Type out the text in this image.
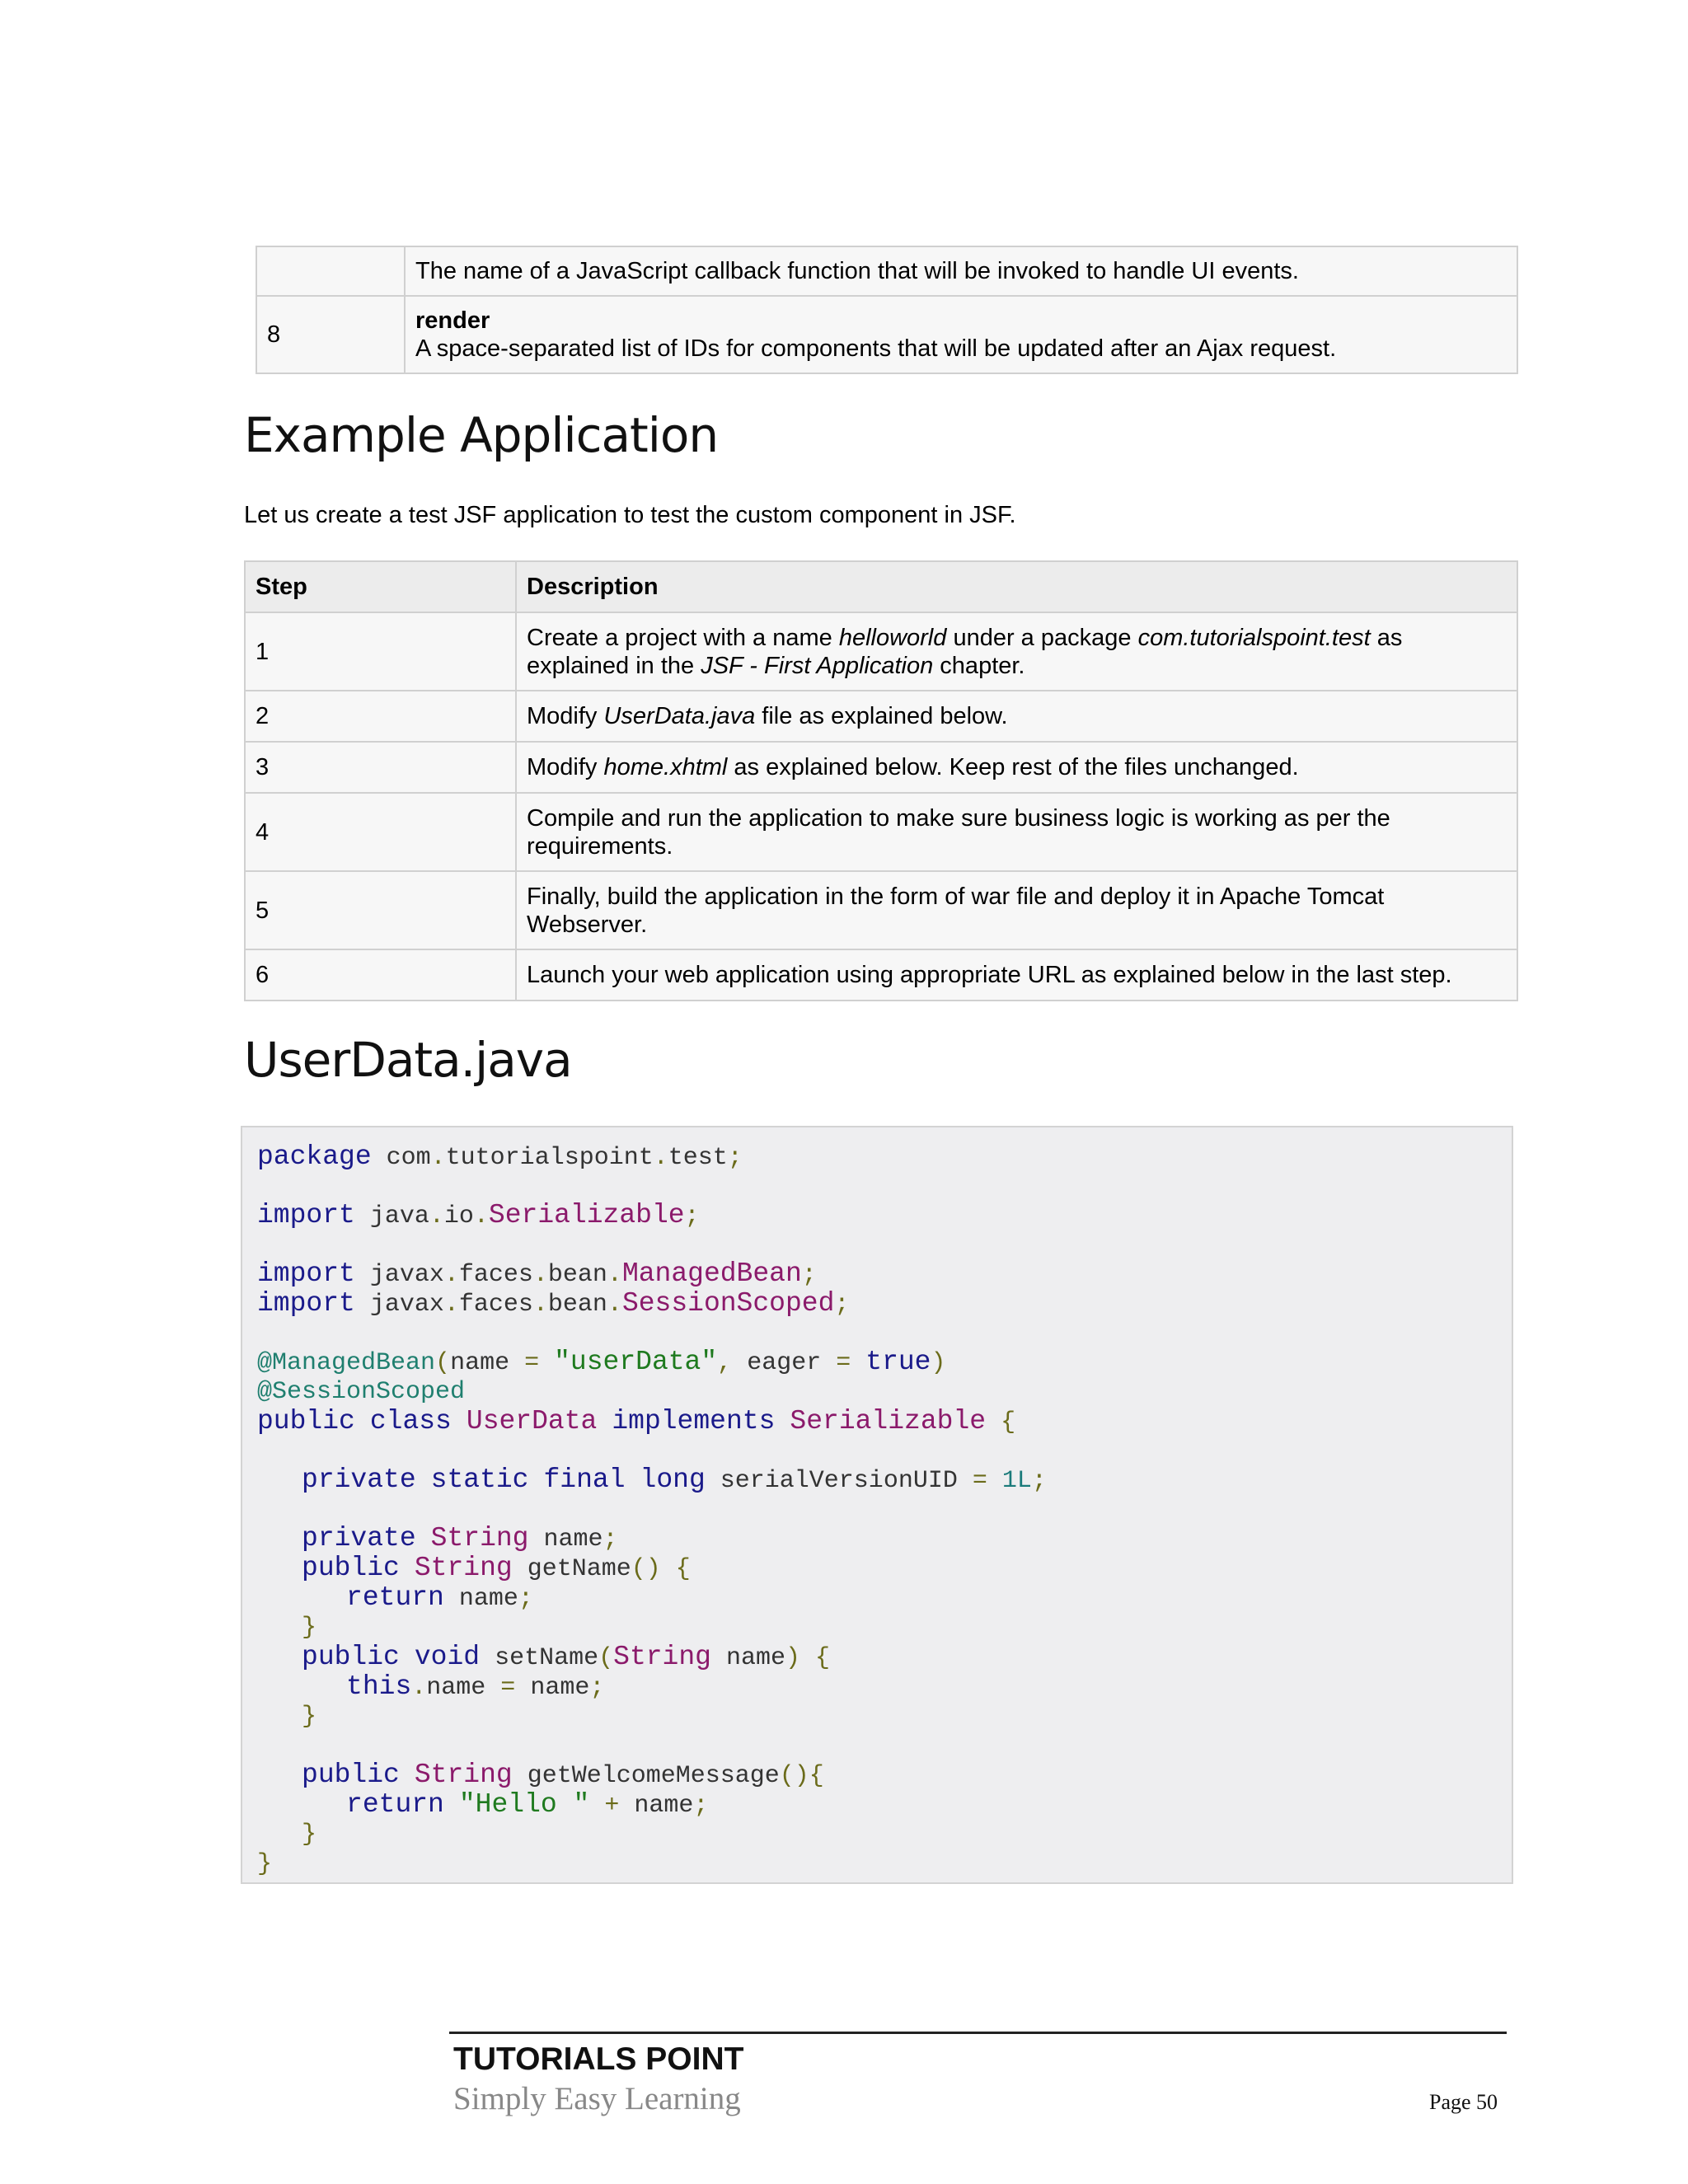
	The name of a JavaScript callback function that will be invoked to handle UI events.
8	render
A space-separated list of IDs for components that will be updated after an Ajax request.
Example Application

Let us create a test JSF application to test the custom component in JSF.

Step	Description
1	Create a project with a name helloworld under a package com.tutorialspoint.test as explained in the JSF - First Application chapter.
2	Modify UserData.java file as explained below.
3	Modify home.xhtml as explained below. Keep rest of the files unchanged.
4	Compile and run the application to make sure business logic is working as per the requirements.
5	Finally, build the application in the form of war file and deploy it in Apache Tomcat Webserver.
6	Launch your web application using appropriate URL as explained below in the last step.
UserData.java
package com.tutorialspoint.test;
import java.io.Serializable;
import javax.faces.bean.ManagedBean;
import javax.faces.bean.SessionScoped;
@ManagedBean(name = "userData", eager = true)
@SessionScoped
public class UserData implements Serializable {
private static final long serialVersionUID = 1L;
private String name;
public String getName() {
return name;
}
public void setName(String name) {
this.name = name;
}
public String getWelcomeMessage(){
return "Hello " + name;
}
}

TUTORIALS POINT

Simply Easy Learning	Page 50
